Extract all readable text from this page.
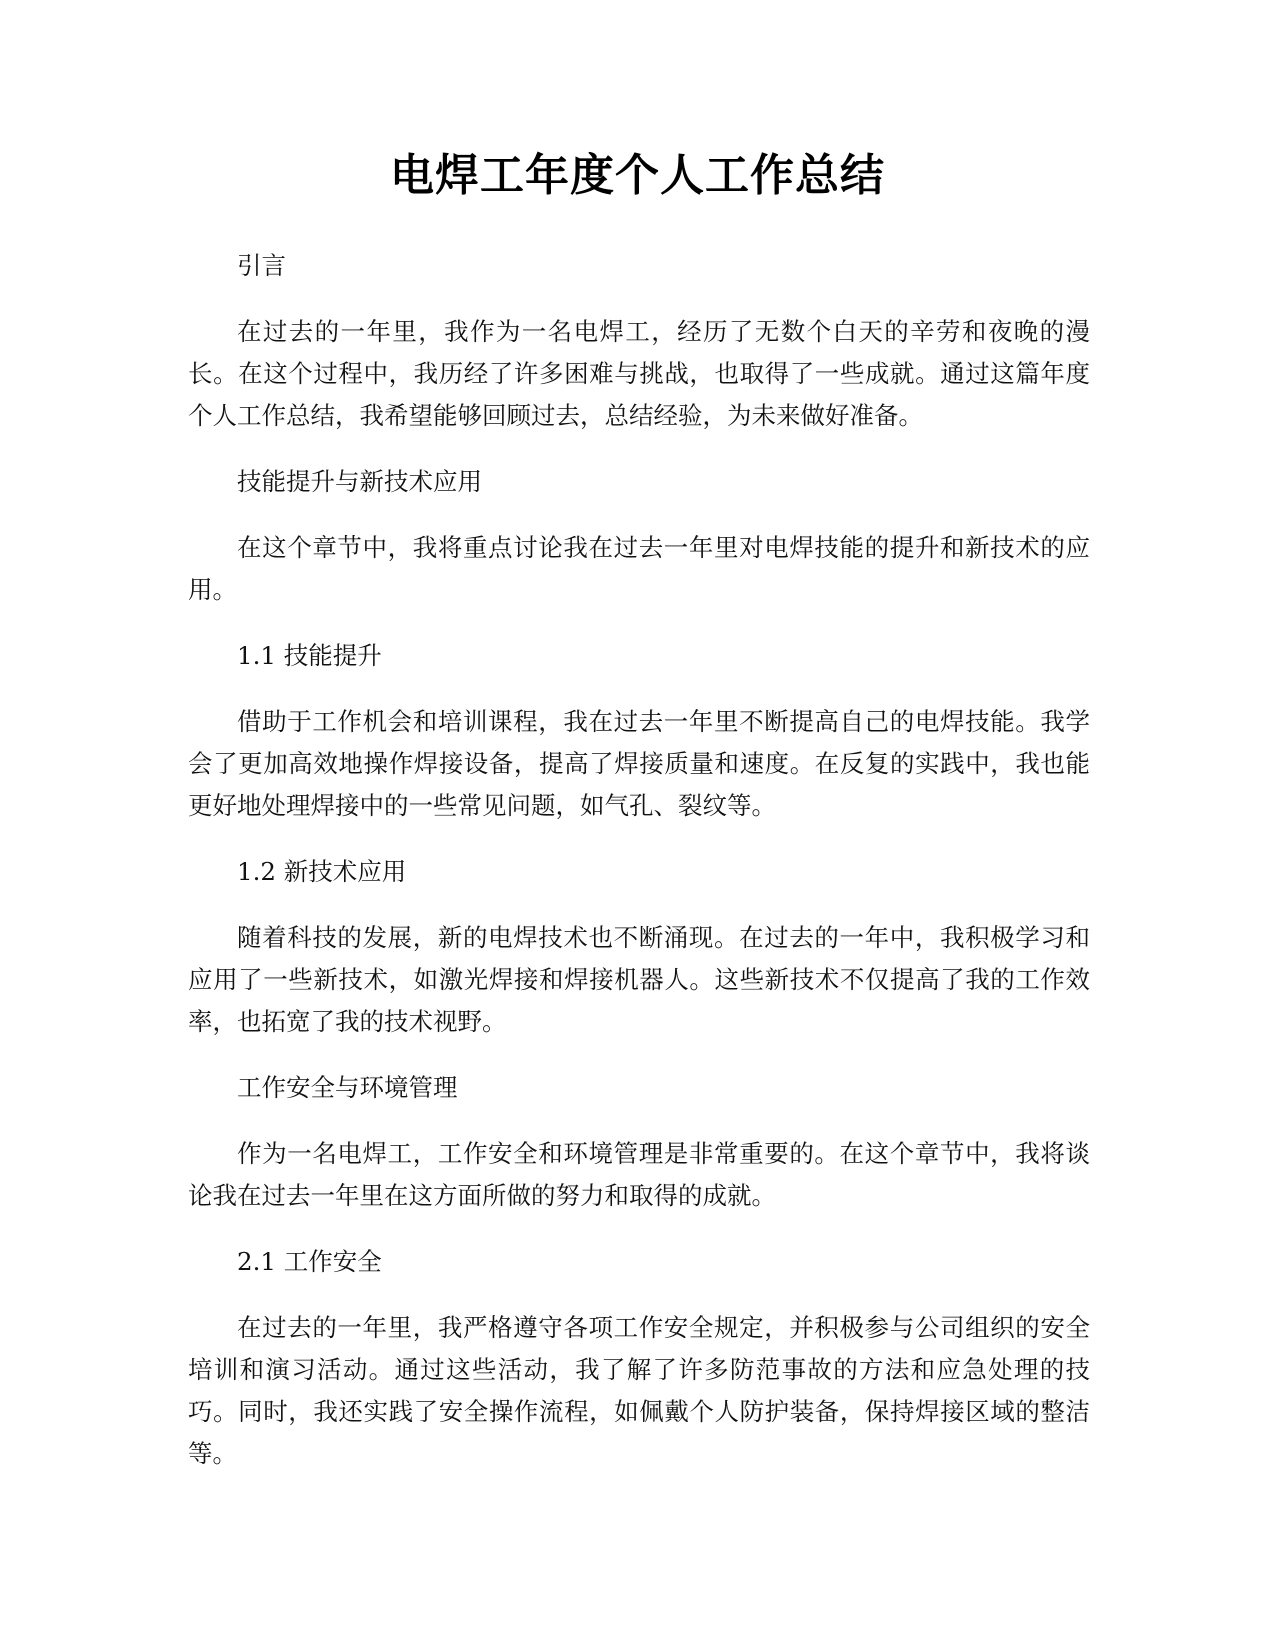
电焊工年度个人工作总结

引言

在过去的一年里，我作为一名电焊工，经历了无数个白天的辛劳和夜晚的漫长。在这个过程中，我历经了许多困难与挑战，也取得了一些成就。通过这篇年度个人工作总结，我希望能够回顾过去，总结经验，为未来做好准备。

技能提升与新技术应用

在这个章节中，我将重点讨论我在过去一年里对电焊技能的提升和新技术的应用。

1.1 技能提升

借助于工作机会和培训课程，我在过去一年里不断提高自己的电焊技能。我学会了更加高效地操作焊接设备，提高了焊接质量和速度。在反复的实践中，我也能更好地处理焊接中的一些常见问题，如气孔、裂纹等。

1.2 新技术应用

随着科技的发展，新的电焊技术也不断涌现。在过去的一年中，我积极学习和应用了一些新技术，如激光焊接和焊接机器人。这些新技术不仅提高了我的工作效率，也拓宽了我的技术视野。

工作安全与环境管理

作为一名电焊工，工作安全和环境管理是非常重要的。在这个章节中，我将谈论我在过去一年里在这方面所做的努力和取得的成就。

2.1 工作安全

在过去的一年里，我严格遵守各项工作安全规定，并积极参与公司组织的安全培训和演习活动。通过这些活动，我了解了许多防范事故的方法和应急处理的技巧。同时，我还实践了安全操作流程，如佩戴个人防护装备，保持焊接区域的整洁等。
